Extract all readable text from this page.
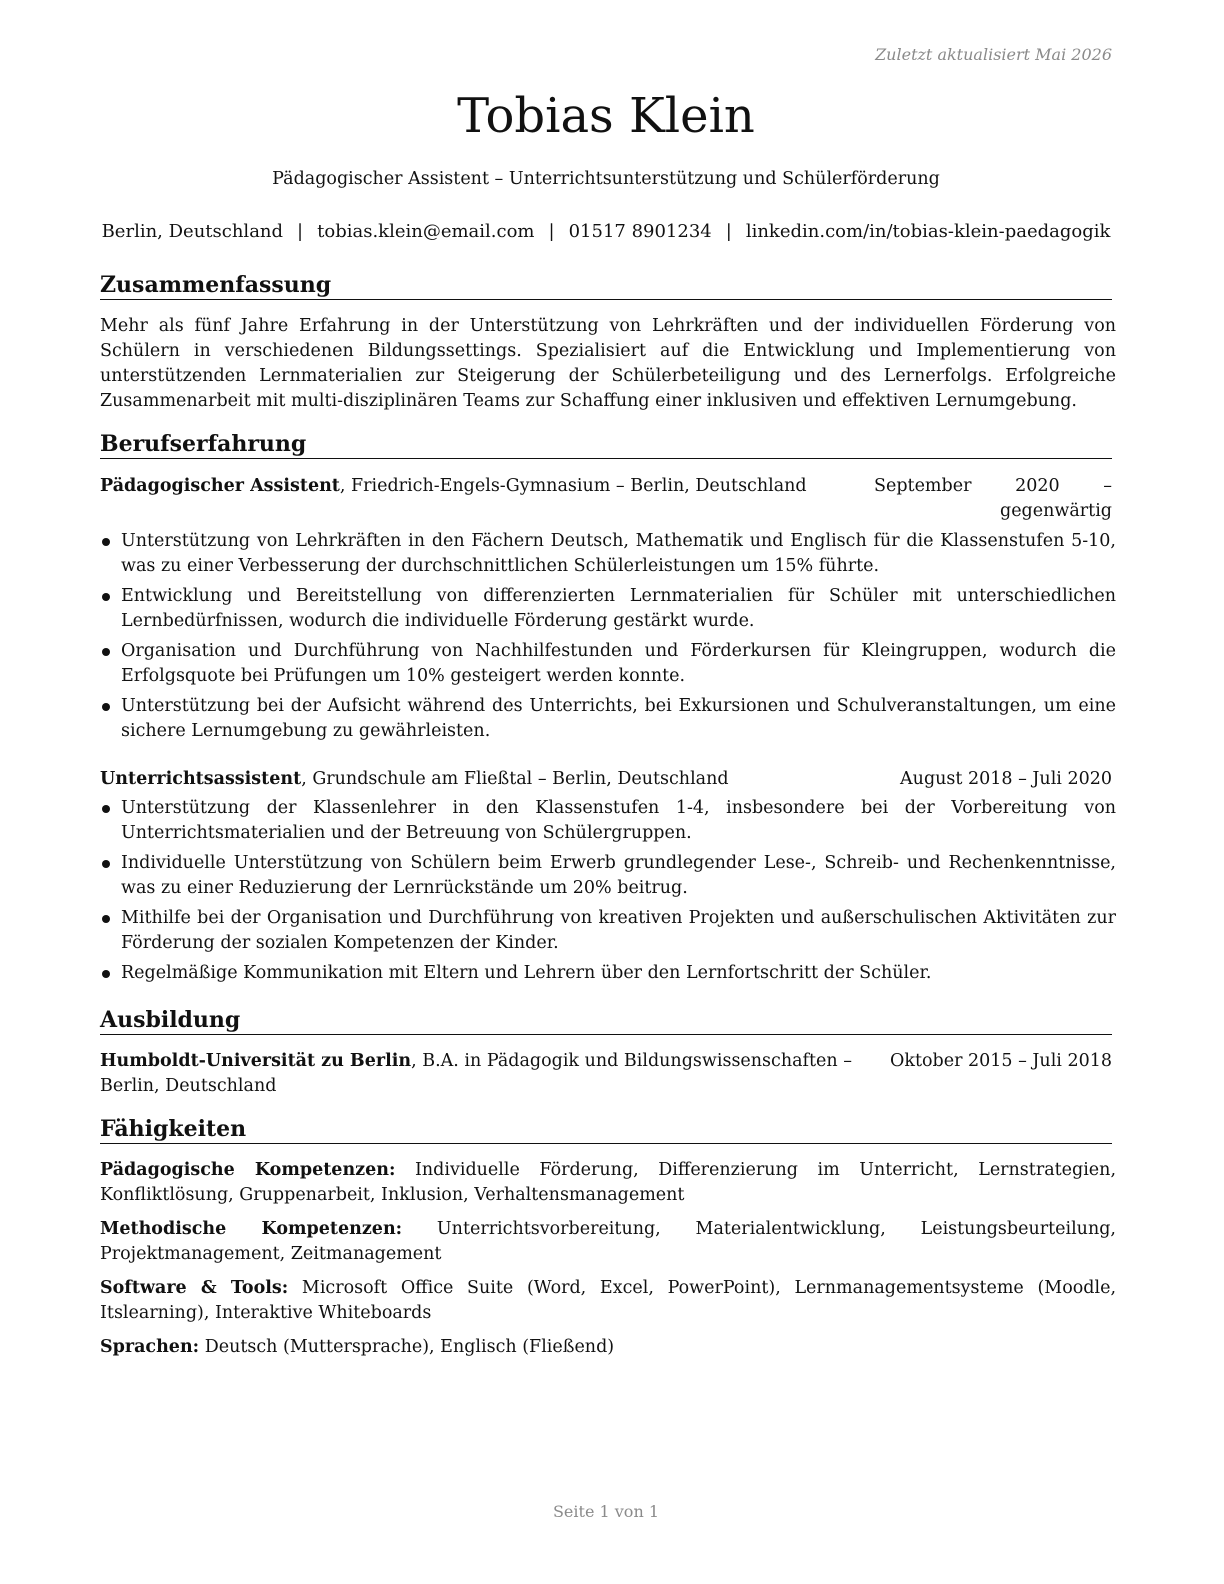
Zuletzt aktualisiert Mai 2026
Tobias Klein
Pädagogischer Assistent – Unterrichtsunterstützung und Schülerförderung
Berlin, Deutschland | tobias.klein@email.com | 01517 8901234 | linkedin.com/in/tobias-klein-paedagogik
Zusammenfassung
Mehr als fünf Jahre Erfahrung in der Unterstützung von Lehrkräften und der individuellen Förderung von Schülern in verschiedenen Bildungssettings. Spezialisiert auf die Entwicklung und Implementierung von unterstützenden Lernmaterialien zur Steigerung der Schülerbeteiligung und des Lernerfolgs. Erfolgreiche Zusammenarbeit mit multi-disziplinären Teams zur Schaffung einer inklusiven und effektiven Lernumgebung.
Berufserfahrung
Pädagogischer Assistent, Friedrich-Engels-Gymnasium – Berlin, Deutschland	September 2020 – gegenwärtig
Unterstützung von Lehrkräften in den Fächern Deutsch, Mathematik und Englisch für die Klassenstufen 5-10, was zu einer Verbesserung der durchschnittlichen Schülerleistungen um 15% führte.
Entwicklung und Bereitstellung von differenzierten Lernmaterialien für Schüler mit unterschiedlichen Lernbedürfnissen, wodurch die individuelle Förderung gestärkt wurde.
Organisation und Durchführung von Nachhilfestunden und Förderkursen für Kleingruppen, wodurch die Erfolgsquote bei Prüfungen um 10% gesteigert werden konnte.
Unterstützung bei der Aufsicht während des Unterrichts, bei Exkursionen und Schulveranstaltungen, um eine sichere Lernumgebung zu gewährleisten.
Unterrichtsassistent, Grundschule am Fließtal – Berlin, Deutschland	August 2018 – Juli 2020
Unterstützung der Klassenlehrer in den Klassenstufen 1-4, insbesondere bei der Vorbereitung von Unterrichtsmaterialien und der Betreuung von Schülergruppen.
Individuelle Unterstützung von Schülern beim Erwerb grundlegender Lese-, Schreib- und Rechenkenntnisse, was zu einer Reduzierung der Lernrückstände um 20% beitrug.
Mithilfe bei der Organisation und Durchführung von kreativen Projekten und außerschulischen Aktivitäten zur Förderung der sozialen Kompetenzen der Kinder.
Regelmäßige Kommunikation mit Eltern und Lehrern über den Lernfortschritt der Schüler.
Ausbildung
Humboldt-Universität zu Berlin, B.A. in Pädagogik und Bildungswissenschaften – Berlin, Deutschland
Oktober 2015 – Juli 2018
Fähigkeiten
Pädagogische Kompetenzen: Individuelle Förderung, Differenzierung im Unterricht, Lernstrategien, Konfliktlösung, Gruppenarbeit, Inklusion, Verhaltensmanagement
Methodische Kompetenzen: Unterrichtsvorbereitung, Materialentwicklung, Leistungsbeurteilung, Projektmanagement, Zeitmanagement
Software & Tools: Microsoft Office Suite (Word, Excel, PowerPoint), Lernmanagementsysteme (Moodle, Itslearning), Interaktive Whiteboards
Sprachen: Deutsch (Muttersprache), Englisch (Fließend)
Seite 1 von 1
